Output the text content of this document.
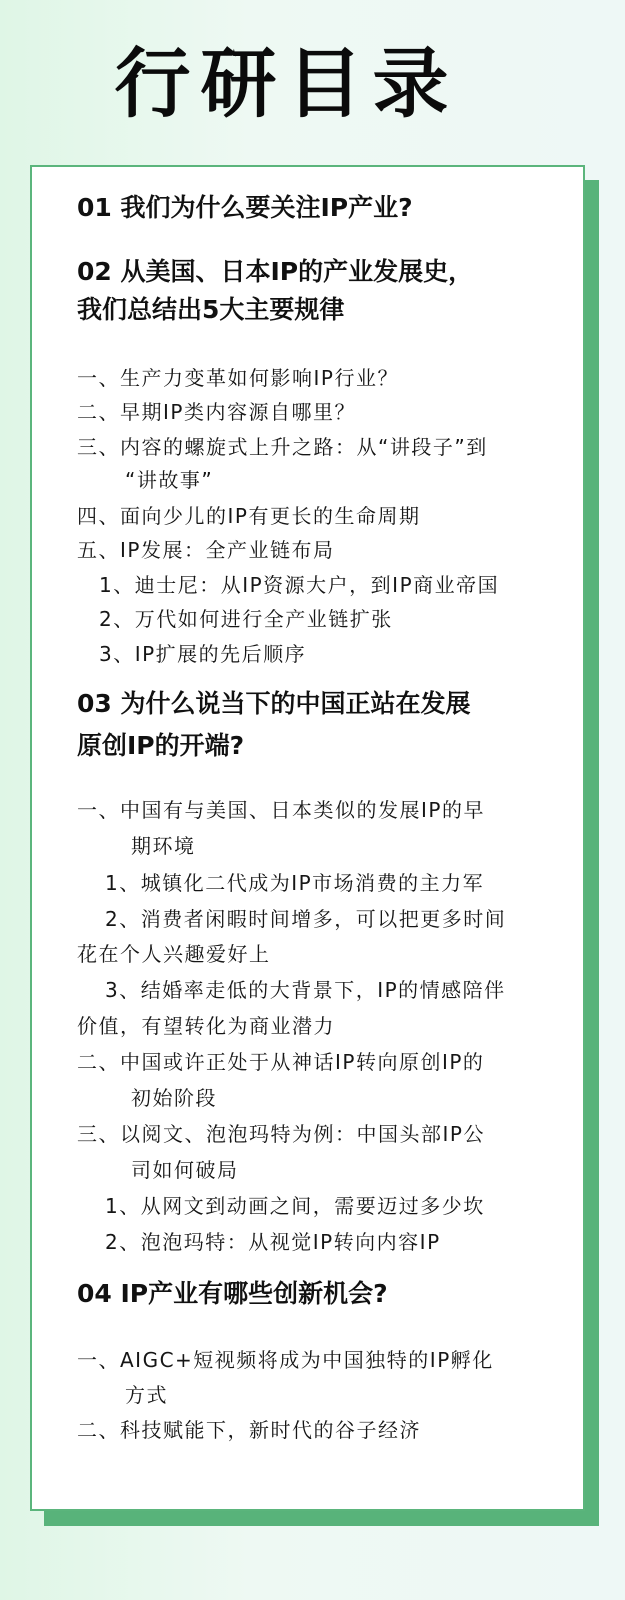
行研目录
01 我们为什么要关注IP产业?
02 从美国、日本IP的产业发展史，
我们总结出5大主要规律
一、生产力变革如何影响IP行业？
二、早期IP类内容源自哪里？
三、内容的螺旋式上升之路：从“讲段子”到
“讲故事”
四、面向少儿的IP有更长的生命周期
五、IP发展：全产业链布局
1、迪士尼：从IP资源大户，到IP商业帝国
2、万代如何进行全产业链扩张
3、IP扩展的先后顺序
03 为什么说当下的中国正站在发展
原创IP的开端?
一、中国有与美国、日本类似的发展IP的早
期环境
1、城镇化二代成为IP市场消费的主力军
2、消费者闲暇时间增多，可以把更多时间
花在个人兴趣爱好上
3、结婚率走低的大背景下，IP的情感陪伴
价值，有望转化为商业潜力
二、中国或许正处于从神话IP转向原创IP的
初始阶段
三、以阅文、泡泡玛特为例：中国头部IP公
司如何破局
1、从网文到动画之间，需要迈过多少坎
2、泡泡玛特：从视觉IP转向内容IP
04 IP产业有哪些创新机会?
一、AIGC+短视频将成为中国独特的IP孵化
方式
二、科技赋能下，新时代的谷子经济
